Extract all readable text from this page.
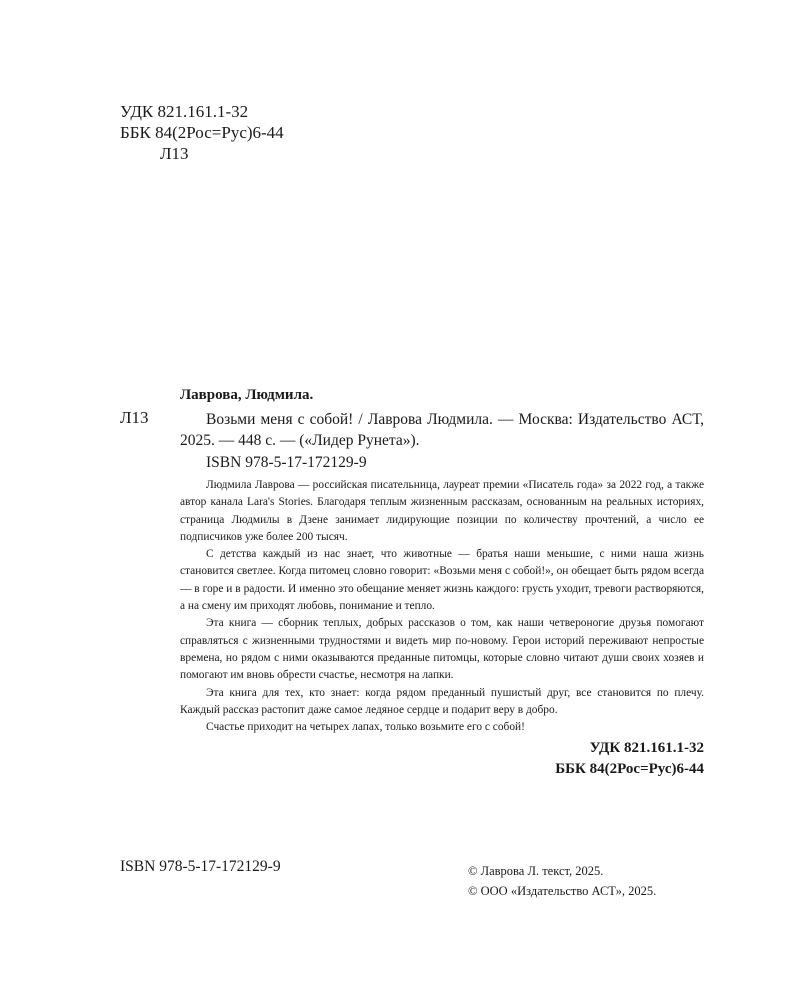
УДК 821.161.1-32
ББК 84(2Рос=Рус)6-44
Л13
Лаврова, Людмила.
Л13	Возьми меня с собой! / Лаврова Людмила. — Москва: Издательство АСТ, 2025. — 448 с. — («Лидер Рунета»).
ISBN 978-5-17-172129-9

Людмила Лаврова — российская писательница, лауреат премии «Писатель года» за 2022 год, а также автор канала Lara's Stories. Благодаря теплым жизненным рассказам, основанным на реальных историях, страница Людмилы в Дзене занимает лидирующие позиции по количеству прочтений, а число ее подписчиков уже более 200 тысяч.

С детства каждый из нас знает, что животные — братья наши меньшие, с ними наша жизнь становится светлее. Когда питомец словно говорит: «Возьми меня с собой!», он обещает быть рядом всегда — в горе и в радости. И именно это обещание меняет жизнь каждого: грусть уходит, тревоги растворяются, а на смену им приходят любовь, понимание и тепло.

Эта книга — сборник теплых, добрых рассказов о том, как наши четвероногие друзья помогают справляться с жизненными трудностями и видеть мир по-новому. Герои историй переживают непростые времена, но рядом с ними оказываются преданные питомцы, которые словно читают души своих хозяев и помогают им вновь обрести счастье, несмотря на лапки.

Эта книга для тех, кто знает: когда рядом преданный пушистый друг, все становится по плечу. Каждый рассказ растопит даже самое ледяное сердце и подарит веру в добро.

Счастье приходит на четырех лапах, только возьмите его с собой!

УДК 821.161.1-32
ББК 84(2Рос=Рус)6-44
ISBN 978-5-17-172129-9	© Лаврова Л. текст, 2025.
© ООО «Издательство АСТ», 2025.
